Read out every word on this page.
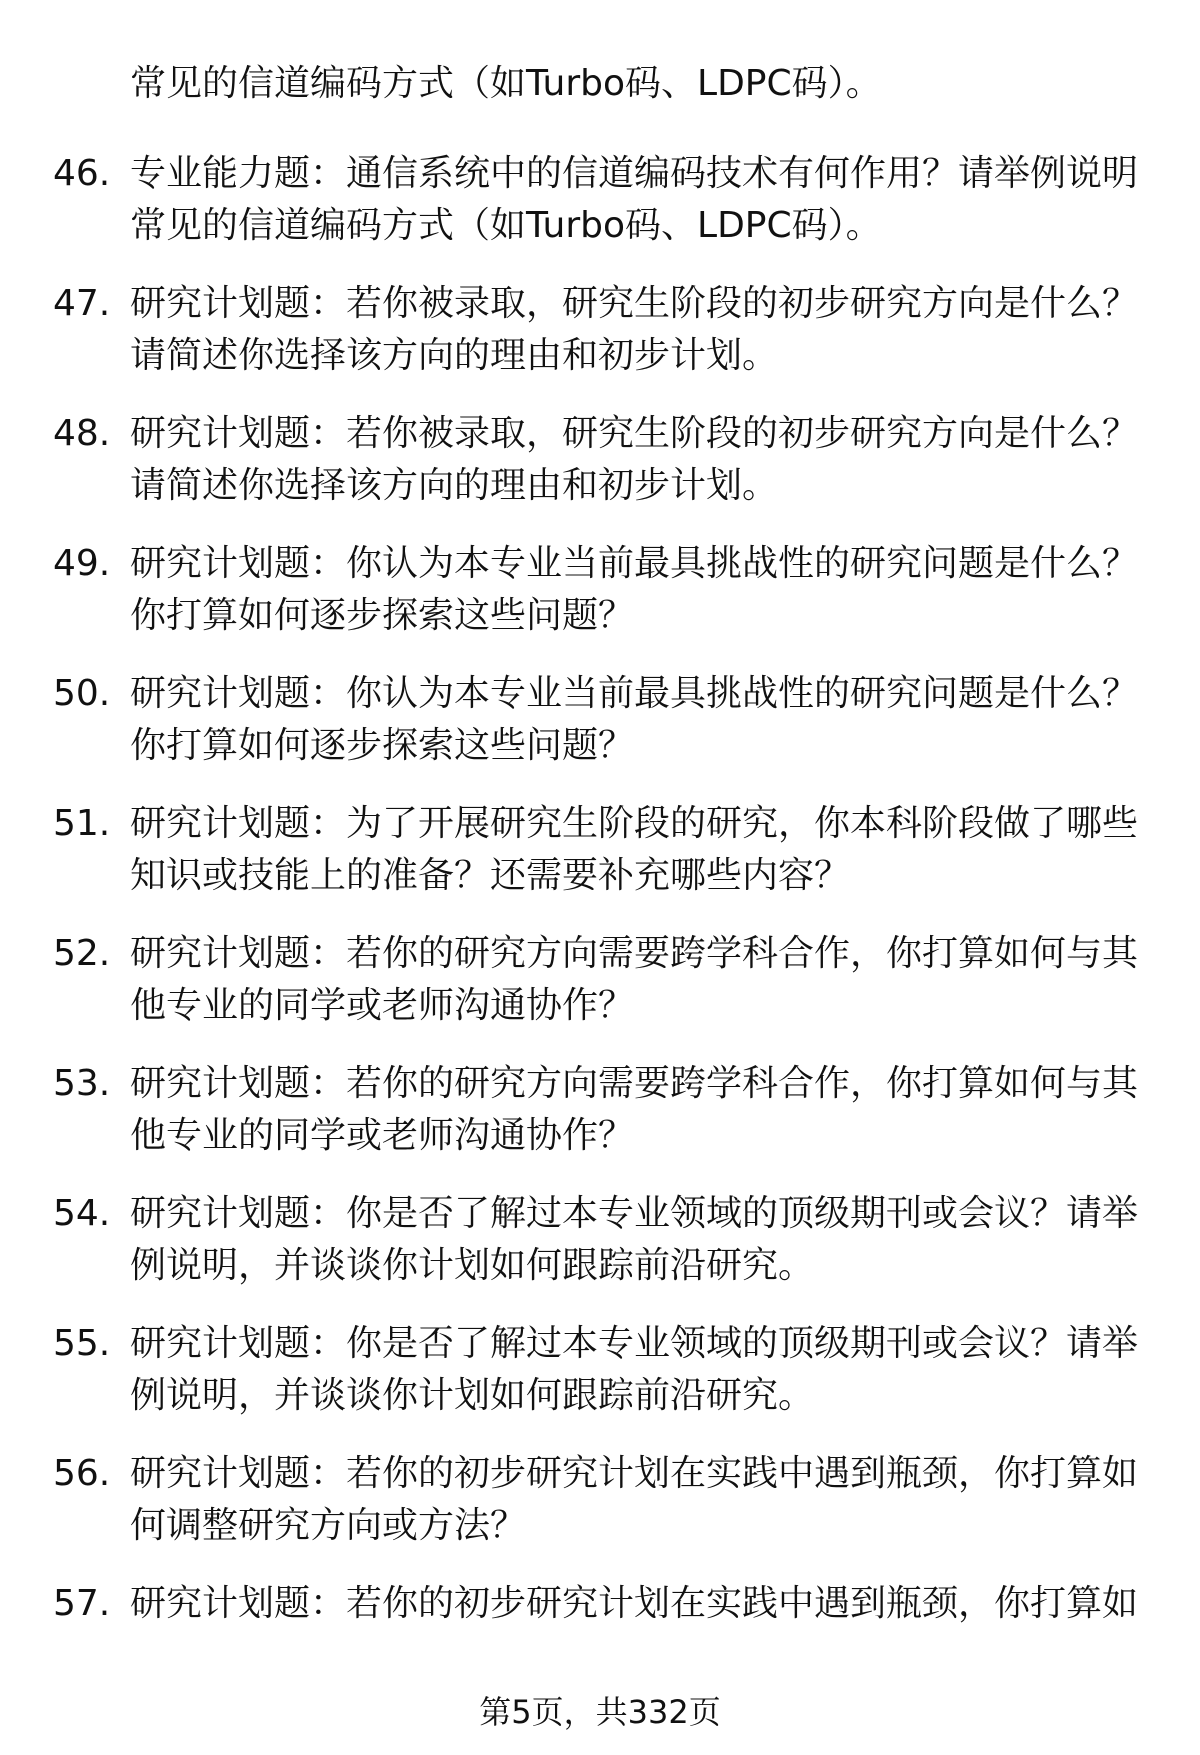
常见的信道编码方式（如Turbo码、LDPC码）。
46. 专业能力题：通信系统中的信道编码技术有何作用？请举例说明
常见的信道编码方式（如Turbo码、LDPC码）。
47. 研究计划题：若你被录取，研究生阶段的初步研究方向是什么？
请简述你选择该方向的理由和初步计划。
48. 研究计划题：若你被录取，研究生阶段的初步研究方向是什么？
请简述你选择该方向的理由和初步计划。
49. 研究计划题：你认为本专业当前最具挑战性的研究问题是什么？
你打算如何逐步探索这些问题？
50. 研究计划题：你认为本专业当前最具挑战性的研究问题是什么？
你打算如何逐步探索这些问题？
51. 研究计划题：为了开展研究生阶段的研究，你本科阶段做了哪些
知识或技能上的准备？还需要补充哪些内容？
52. 研究计划题：若你的研究方向需要跨学科合作，你打算如何与其
他专业的同学或老师沟通协作？
53. 研究计划题：若你的研究方向需要跨学科合作，你打算如何与其
他专业的同学或老师沟通协作？
54. 研究计划题：你是否了解过本专业领域的顶级期刊或会议？请举
例说明，并谈谈你计划如何跟踪前沿研究。
55. 研究计划题：你是否了解过本专业领域的顶级期刊或会议？请举
例说明，并谈谈你计划如何跟踪前沿研究。
56. 研究计划题：若你的初步研究计划在实践中遇到瓶颈，你打算如
何调整研究方向或方法？
57. 研究计划题：若你的初步研究计划在实践中遇到瓶颈，你打算如
第5页，共332页
